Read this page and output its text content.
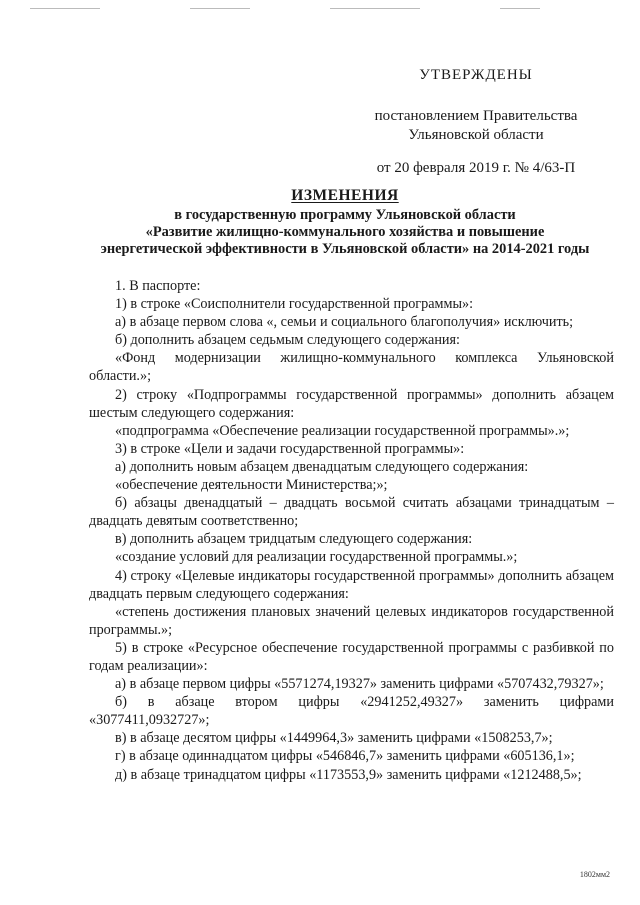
УТВЕРЖДЕНЫ
постановлением Правительства
Ульяновской области
от 20 февраля 2019 г. № 4/63-П
ИЗМЕНЕНИЯ
в государственную программу Ульяновской области
«Развитие жилищно-коммунального хозяйства и повышение
энергетической эффективности в Ульяновской области» на 2014-2021 годы

1. В паспорте:

1) в строке «Соисполнители государственной программы»:

а) в абзаце первом слова «, семьи и социального благополучия» исключить;

б) дополнить абзацем седьмым следующего содержания:

«Фонд модернизации жилищно-коммунального комплекса Ульяновской области.»;

2) строку «Подпрограммы государственной программы» дополнить абзацем шестым следующего содержания:

«подпрограмма «Обеспечение реализации государственной программы».»;

3) в строке «Цели и задачи государственной программы»:

а) дополнить новым абзацем двенадцатым следующего содержания:

«обеспечение деятельности Министерства;»;

б) абзацы двенадцатый – двадцать восьмой считать абзацами тринадцатым – двадцать девятым соответственно;

в) дополнить абзацем тридцатым следующего содержания:

«создание условий для реализации государственной программы.»;

4) строку «Целевые индикаторы государственной программы» дополнить абзацем двадцать первым следующего содержания:

«степень достижения плановых значений целевых индикаторов государственной программы.»;

5) в строке «Ресурсное обеспечение государственной программы с разбивкой по годам реализации»:

а) в абзаце первом цифры «5571274,19327» заменить цифрами «5707432,79327»;

б) в абзаце втором цифры «2941252,49327» заменить цифрами «3077411,0932727»;

в) в абзаце десятом цифры «1449964,3» заменить цифрами «1508253,7»;

г) в абзаце одиннадцатом цифры «546846,7» заменить цифрами «605136,1»;

д) в абзаце тринадцатом цифры «1173553,9» заменить цифрами «1212488,5»;

1802мм2
